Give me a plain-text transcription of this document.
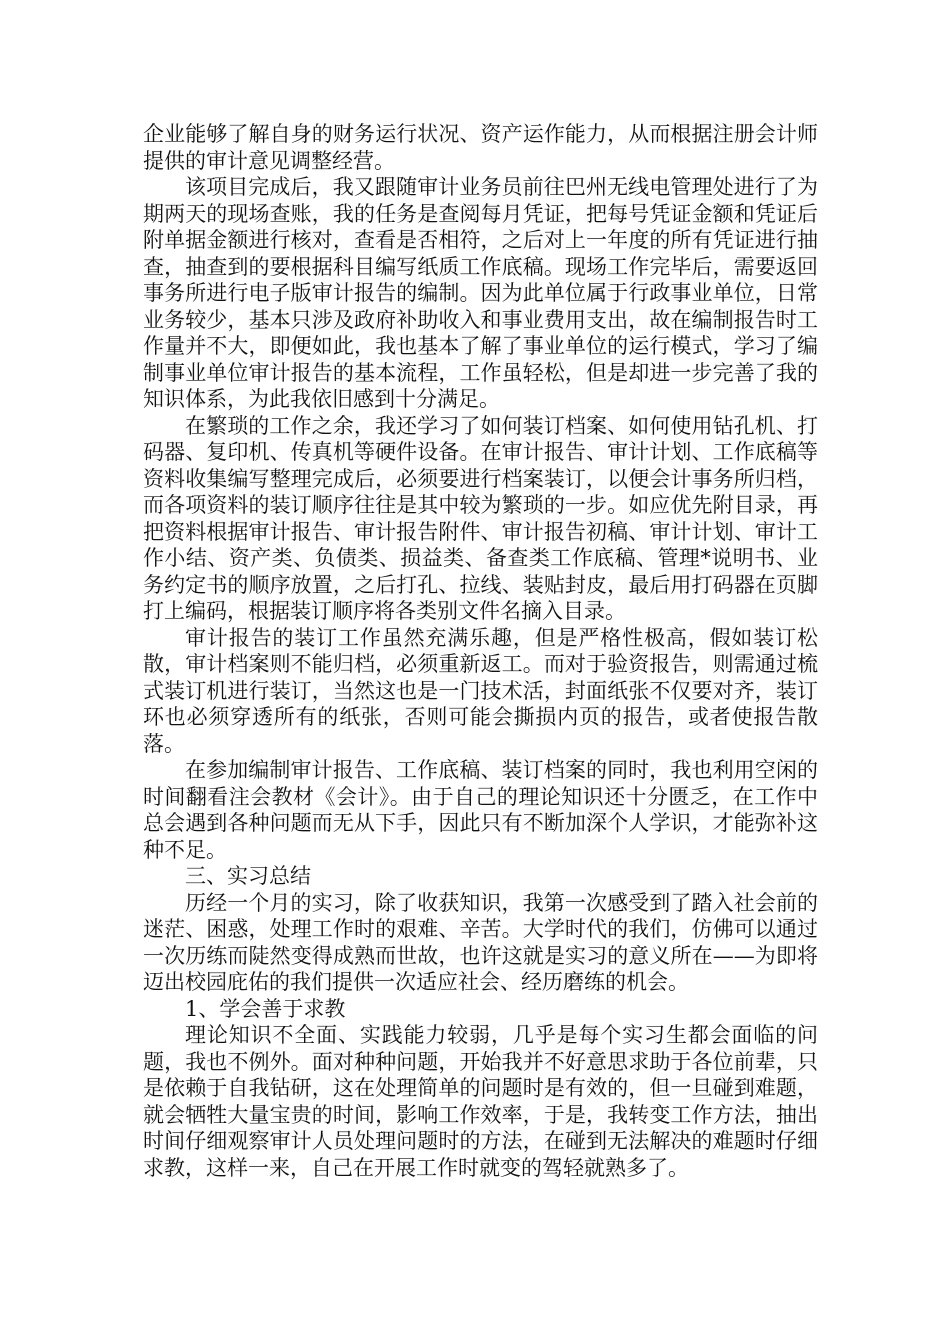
企业能够了解自身的财务运行状况、资产运作能力，从而根据注册会计师提供的审计意见调整经营。

该项目完成后，我又跟随审计业务员前往巴州无线电管理处进行了为期两天的现场查账，我的任务是查阅每月凭证，把每号凭证金额和凭证后附单据金额进行核对，查看是否相符，之后对上一年度的所有凭证进行抽查，抽查到的要根据科目编写纸质工作底稿。现场工作完毕后，需要返回事务所进行电子版审计报告的编制。因为此单位属于行政事业单位，日常业务较少，基本只涉及政府补助收入和事业费用支出，故在编制报告时工作量并不大，即便如此，我也基本了解了事业单位的运行模式，学习了编制事业单位审计报告的基本流程，工作虽轻松，但是却进一步完善了我的知识体系，为此我依旧感到十分满足。

在繁琐的工作之余，我还学习了如何装订档案、如何使用钻孔机、打码器、复印机、传真机等硬件设备。在审计报告、审计计划、工作底稿等资料收集编写整理完成后，必须要进行档案装订，以便会计事务所归档，而各项资料的装订顺序往往是其中较为繁琐的一步。如应优先附目录，再把资料根据审计报告、审计报告附件、审计报告初稿、审计计划、审计工作小结、资产类、负债类、损益类、备查类工作底稿、管理*说明书、业务约定书的顺序放置，之后打孔、拉线、装贴封皮，最后用打码器在页脚打上编码，根据装订顺序将各类别文件名摘入目录。

审计报告的装订工作虽然充满乐趣，但是严格性极高，假如装订松散，审计档案则不能归档，必须重新返工。而对于验资报告，则需通过梳式装订机进行装订，当然这也是一门技术活，封面纸张不仅要对齐，装订环也必须穿透所有的纸张，否则可能会撕损内页的报告，或者使报告散落。

在参加编制审计报告、工作底稿、装订档案的同时，我也利用空闲的时间翻看注会教材《会计》。由于自己的理论知识还十分匮乏，在工作中总会遇到各种问题而无从下手，因此只有不断加深个人学识，才能弥补这种不足。

三、实习总结

历经一个月的实习，除了收获知识，我第一次感受到了踏入社会前的迷茫、困惑，处理工作时的艰难、辛苦。大学时代的我们，仿佛可以通过一次历练而陡然变得成熟而世故，也许这就是实习的意义所在——为即将迈出校园庇佑的我们提供一次适应社会、经历磨练的机会。

1、学会善于求教

理论知识不全面、实践能力较弱，几乎是每个实习生都会面临的问题，我也不例外。面对种种问题，开始我并不好意思求助于各位前辈，只是依赖于自我钻研，这在处理简单的问题时是有效的，但一旦碰到难题，就会牺牲大量宝贵的时间，影响工作效率，于是，我转变工作方法，抽出时间仔细观察审计人员处理问题时的方法，在碰到无法解决的难题时仔细求教，这样一来，自己在开展工作时就变的驾轻就熟多了。
